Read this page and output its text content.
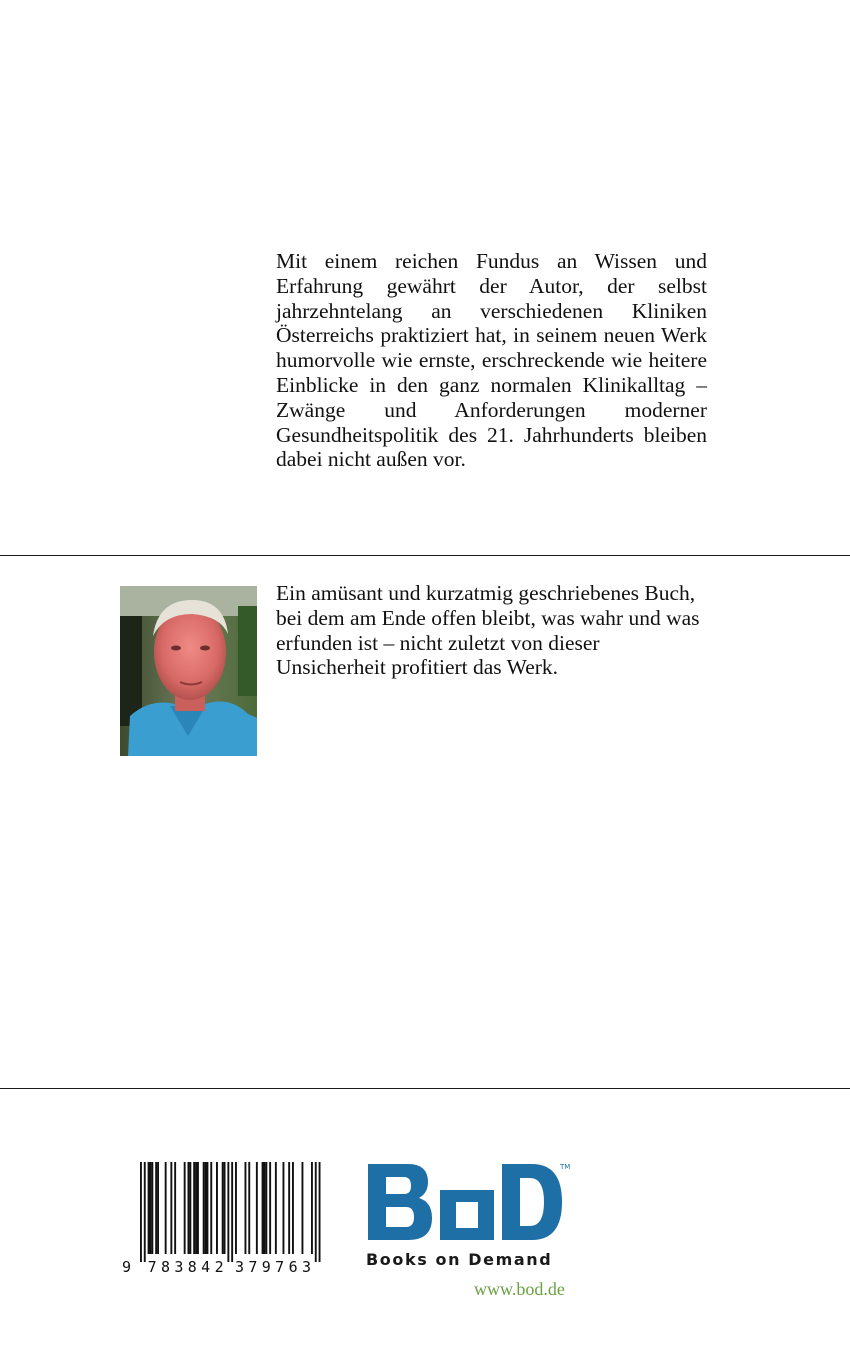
Mit einem reichen Fundus an Wissen und Erfahrung gewährt der Autor, der selbst jahrzehntelang an verschiedenen Kliniken Österreichs praktiziert hat, in seinem neuen Werk humorvolle wie ernste, erschreckende wie heitere Einblicke in den ganz normalen Klinikalltag – Zwänge und Anforderungen moderner Gesundheitspolitik des 21. Jahrhunderts bleiben dabei nicht außen vor.

Ein amüsant und kurzatmig geschriebenes Buch, bei dem am Ende offen bleibt, was wahr und was erfunden ist – nicht zuletzt von dieser Unsicherheit profitiert das Werk.

9 783842 379763
TM
Books on Demand
www.bod.de
